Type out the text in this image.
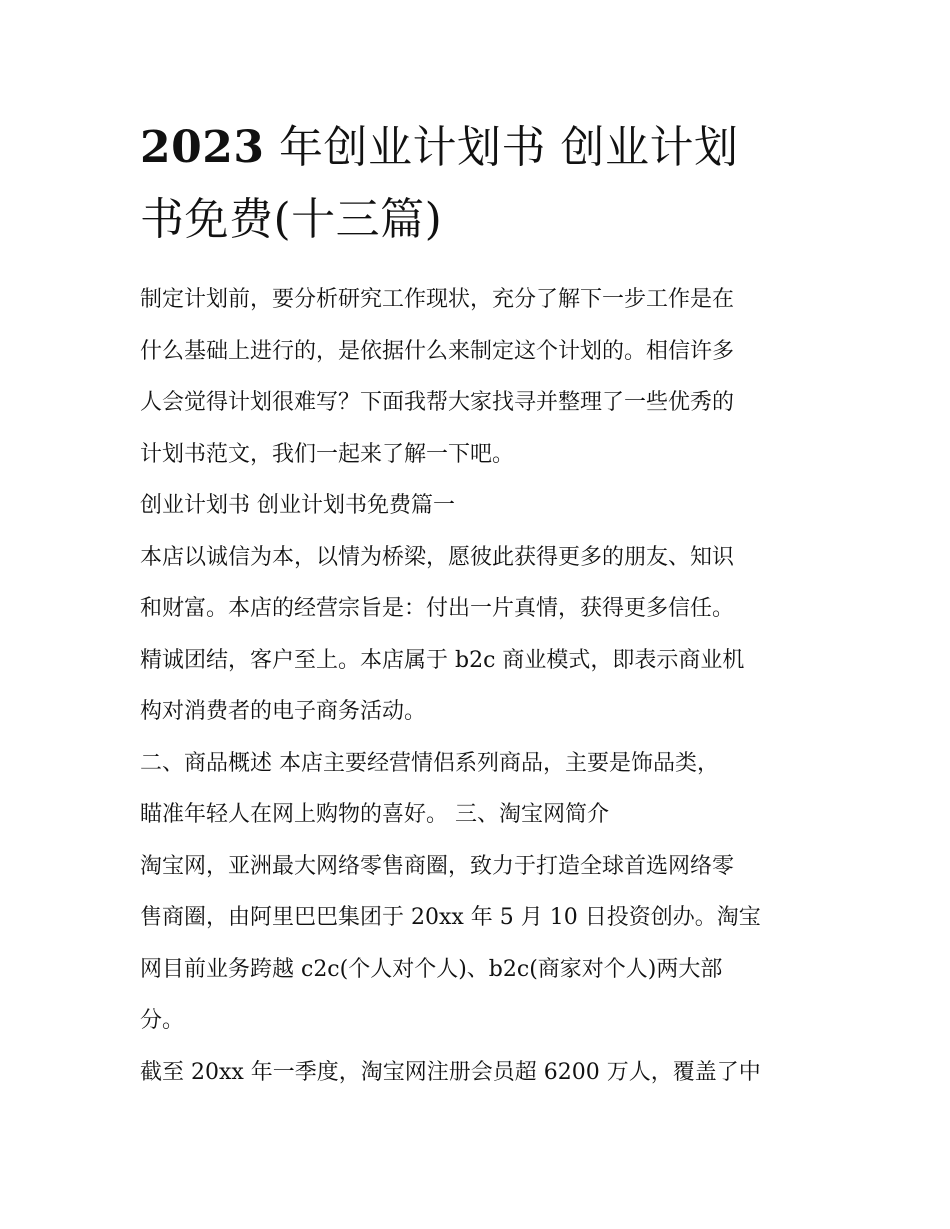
2023 年创业计划书 创业计划
书免费(十三篇)

制定计划前，要分析研究工作现状，充分了解下一步工作是在

什么基础上进行的，是依据什么来制定这个计划的。相信许多

人会觉得计划很难写？下面我帮大家找寻并整理了一些优秀的

计划书范文，我们一起来了解一下吧。

创业计划书 创业计划书免费篇一

本店以诚信为本，以情为桥梁，愿彼此获得更多的朋友、知识

和财富。本店的经营宗旨是：付出一片真情，获得更多信任。

精诚团结，客户至上。本店属于 b2c 商业模式，即表示商业机

构对消费者的电子商务活动。

二、商品概述 本店主要经营情侣系列商品，主要是饰品类，

瞄准年轻人在网上购物的喜好。 三、淘宝网简介

淘宝网，亚洲最大网络零售商圈，致力于打造全球首选网络零

售商圈，由阿里巴巴集团于 20xx 年 5 月 10 日投资创办。淘宝

网目前业务跨越 c2c(个人对个人)、b2c(商家对个人)两大部

分。

截至 20xx 年一季度，淘宝网注册会员超 6200 万人，覆盖了中
